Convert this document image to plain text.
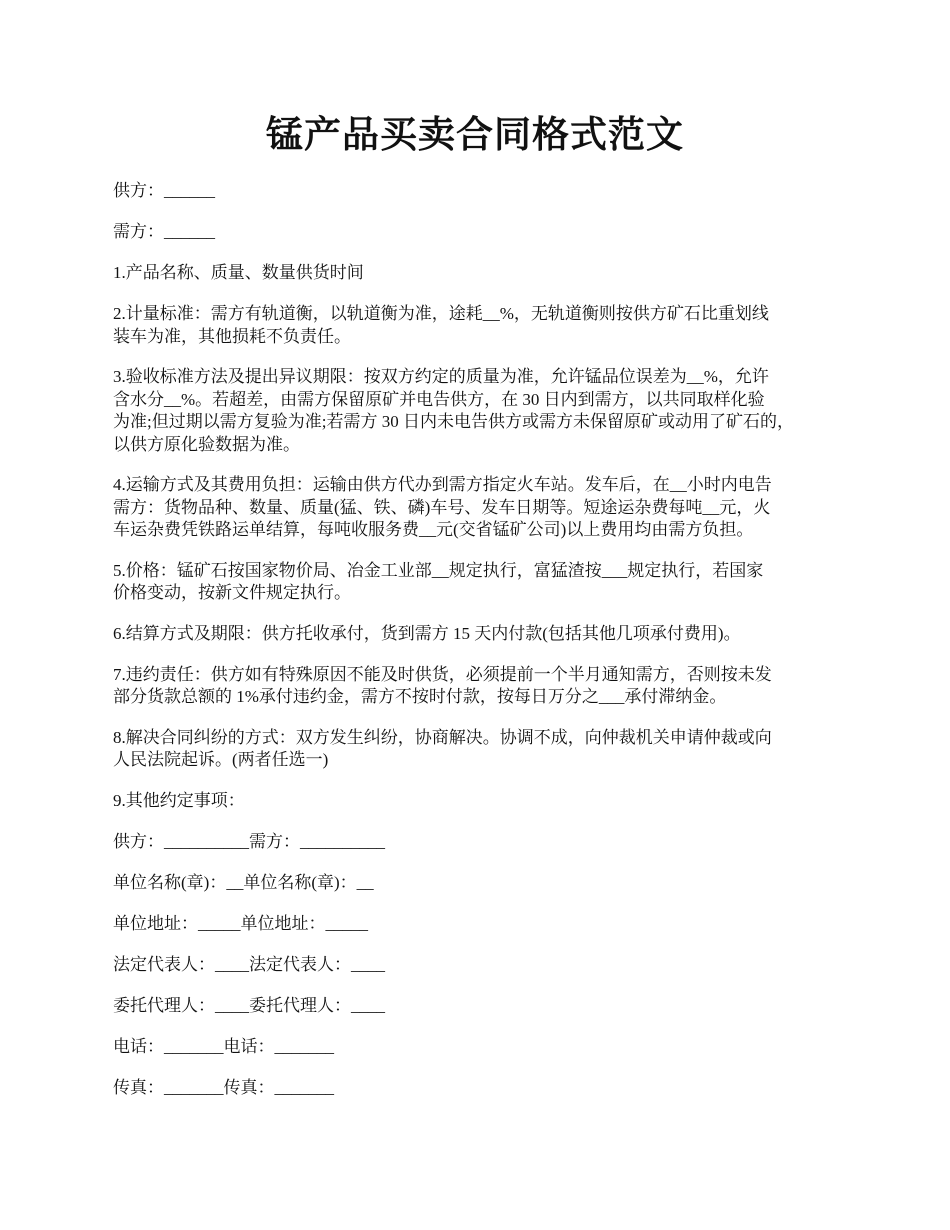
锰产品买卖合同格式范文
供方：______
需方：______
1.产品名称、质量、数量供货时间
2.计量标准：需方有轨道衡，以轨道衡为准，途耗__%，无轨道衡则按供方矿石比重划线
装车为准，其他损耗不负责任。
3.验收标准方法及提出异议期限：按双方约定的质量为准，允许锰品位误差为__%，允许
含水分__%。若超差，由需方保留原矿并电告供方，在 30 日内到需方，以共同取样化验
为准;但过期以需方复验为准;若需方 30 日内未电告供方或需方未保留原矿或动用了矿石的，
以供方原化验数据为准。
4.运输方式及其费用负担：运输由供方代办到需方指定火车站。发车后，在__小时内电告
需方：货物品种、数量、质量(猛、铁、磷)车号、发车日期等。短途运杂费每吨__元，火
车运杂费凭铁路运单结算，每吨收服务费__元(交省锰矿公司)以上费用均由需方负担。
5.价格：锰矿石按国家物价局、冶金工业部__规定执行，富猛渣按___规定执行，若国家
价格变动，按新文件规定执行。
6.结算方式及期限：供方托收承付，货到需方 15 天内付款(包括其他几项承付费用)。
7.违约责任：供方如有特殊原因不能及时供货，必须提前一个半月通知需方，否则按未发
部分货款总额的 1%承付违约金，需方不按时付款，按每日万分之___承付滞纳金。
8.解决合同纠纷的方式：双方发生纠纷，协商解决。协调不成，向仲裁机关申请仲裁或向
人民法院起诉。(两者任选一)
9.其他约定事项：
供方：__________需方：__________
单位名称(章)：__单位名称(章)：__
单位地址：_____单位地址：_____
法定代表人：____法定代表人：____
委托代理人：____委托代理人：____
电话：_______电话：_______
传真：_______传真：_______
